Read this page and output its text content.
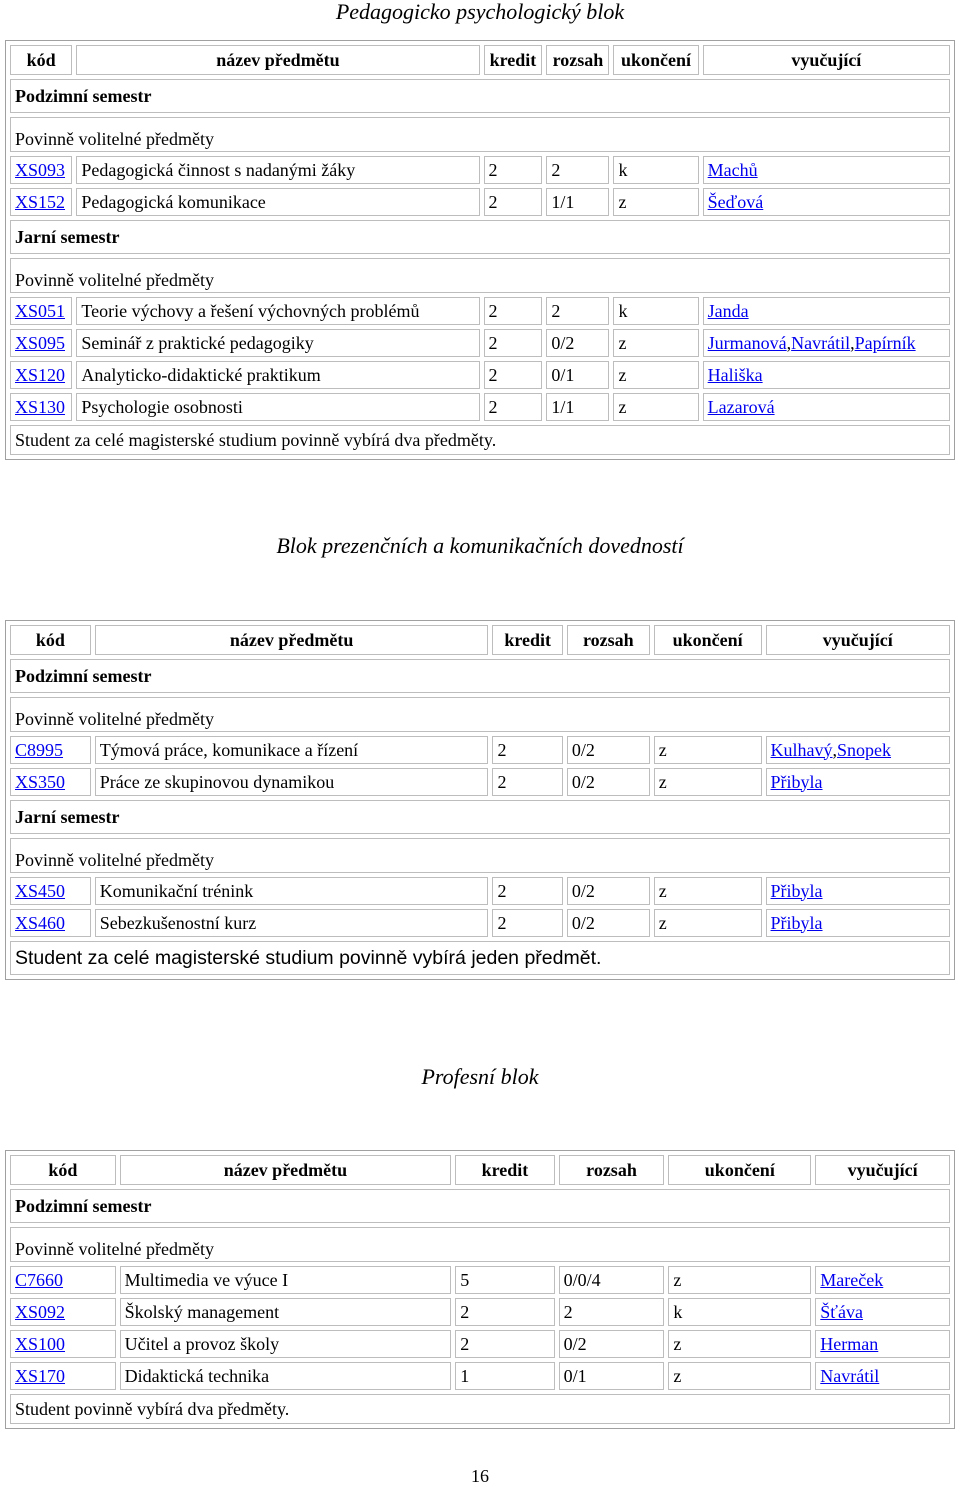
Pedagogicko psychologický blok
kód	název předmětu	kredit	rozsah	ukončení	vyučující
Podzimní semestr					
Povinně volitelné předměty					
XS093	Pedagogická činnost s nadanými žáky	2	2	k	Machů
XS152	Pedagogická komunikace	2	1/1	z	Šeďová
Jarní semestr					
Povinně volitelné předměty					
XS051	Teorie výchovy a řešení výchovných problémů	2	2	k	Janda
XS095	Seminář z praktické pedagogiky	2	0/2	z	Jurmanová,Navrátil,Papírník
XS120	Analyticko-didaktické praktikum	2	0/1	z	Hališka
XS130	Psychologie osobnosti	2	1/1	z	Lazarová
Student za celé magisterské studium povinně vybírá dva předměty.					
Blok prezenčních a komunikačních dovedností
kód	název předmětu	kredit	rozsah	ukončení	vyučující
Podzimní semestr					
Povinně volitelné předměty					
C8995	Týmová práce, komunikace a řízení	2	0/2	z	Kulhavý,Snopek
XS350	Práce ze skupinovou dynamikou	2	0/2	z	Přibyla
Jarní semestr					
Povinně volitelné předměty					
XS450	Komunikační trénink	2	0/2	z	Přibyla
XS460	Sebezkušenostní kurz	2	0/2	z	Přibyla
Student za celé magisterské studium povinně vybírá jeden předmět.					
Profesní blok
kód	název předmětu	kredit	rozsah	ukončení	vyučující
Podzimní semestr					
Povinně volitelné předměty					
C7660	Multimedia ve výuce I	5	0/0/4	z	Mareček
XS092	Školský management	2	2	k	Šťáva
XS100	Učitel a provoz školy	2	0/2	z	Herman
XS170	Didaktická technika	1	0/1	z	Navrátil
Student povinně vybírá dva předměty.					
16
